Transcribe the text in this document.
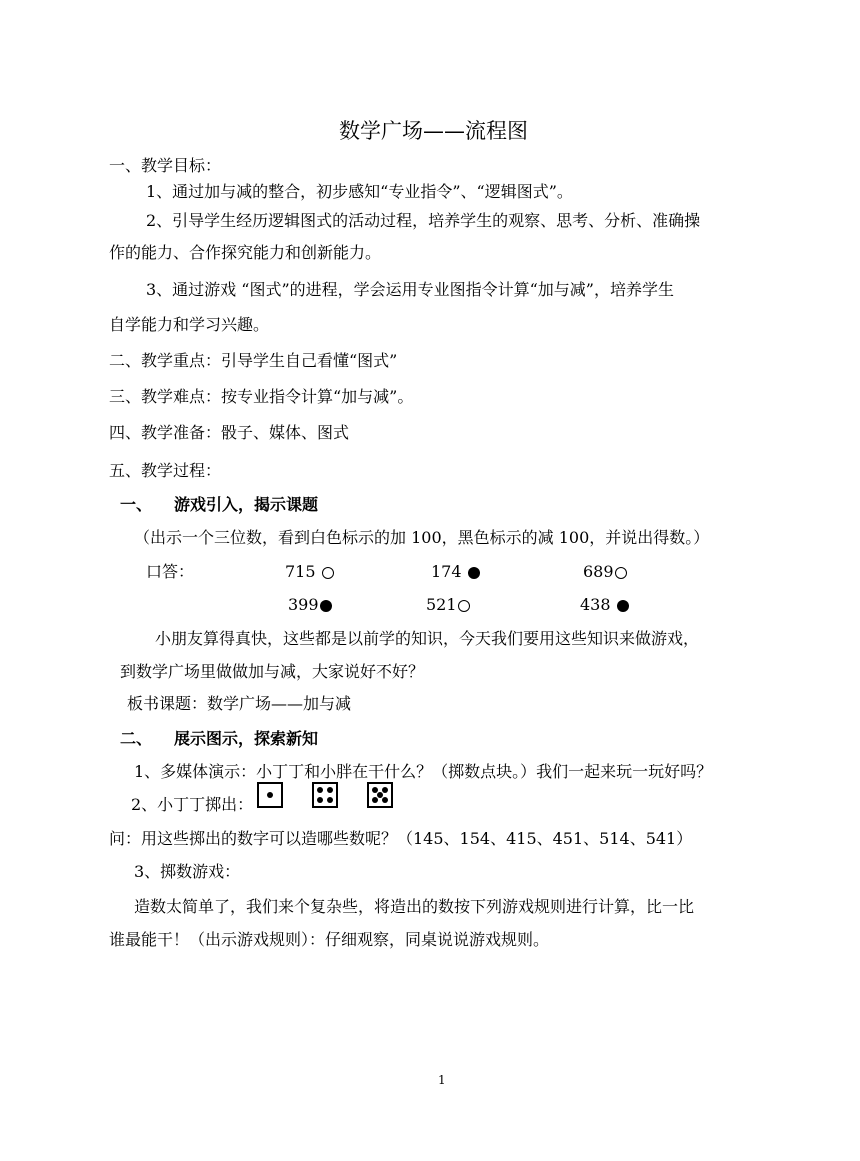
数学广场——流程图
一、教学目标：
1、通过加与减的整合，初步感知“专业指令”、“逻辑图式”。
2、引导学生经历逻辑图式的活动过程，培养学生的观察、思考、分析、准确操
作的能力、合作探究能力和创新能力。
3、通过游戏 “图式”的进程，学会运用专业图指令计算“加与减”，培养学生
自学能力和学习兴趣。
二、教学重点：引导学生自己看懂“图式”
三、教学难点：按专业指令计算“加与减”。
四、教学准备：骰子、媒体、图式
五、教学过程：
一、 游戏引入，揭示课题
（出示一个三位数，看到白色标示的加 100，黑色标示的减 100，并说出得数。）
口答：	715	174	689
399	521	438
小朋友算得真快，这些都是以前学的知识，今天我们要用这些知识来做游戏，
到数学广场里做做加与减，大家说好不好？
板书课题：数学广场——加与减
二、 展示图示，探索新知
1、多媒体演示：小丁丁和小胖在干什么？（掷数点块。）我们一起来玩一玩好吗？
2、小丁丁掷出：
问：用这些掷出的数字可以造哪些数呢？（145、154、415、451、514、541）
3、掷数游戏：
造数太简单了，我们来个复杂些，将造出的数按下列游戏规则进行计算，比一比
谁最能干！（出示游戏规则）：仔细观察，同桌说说游戏规则。
1
